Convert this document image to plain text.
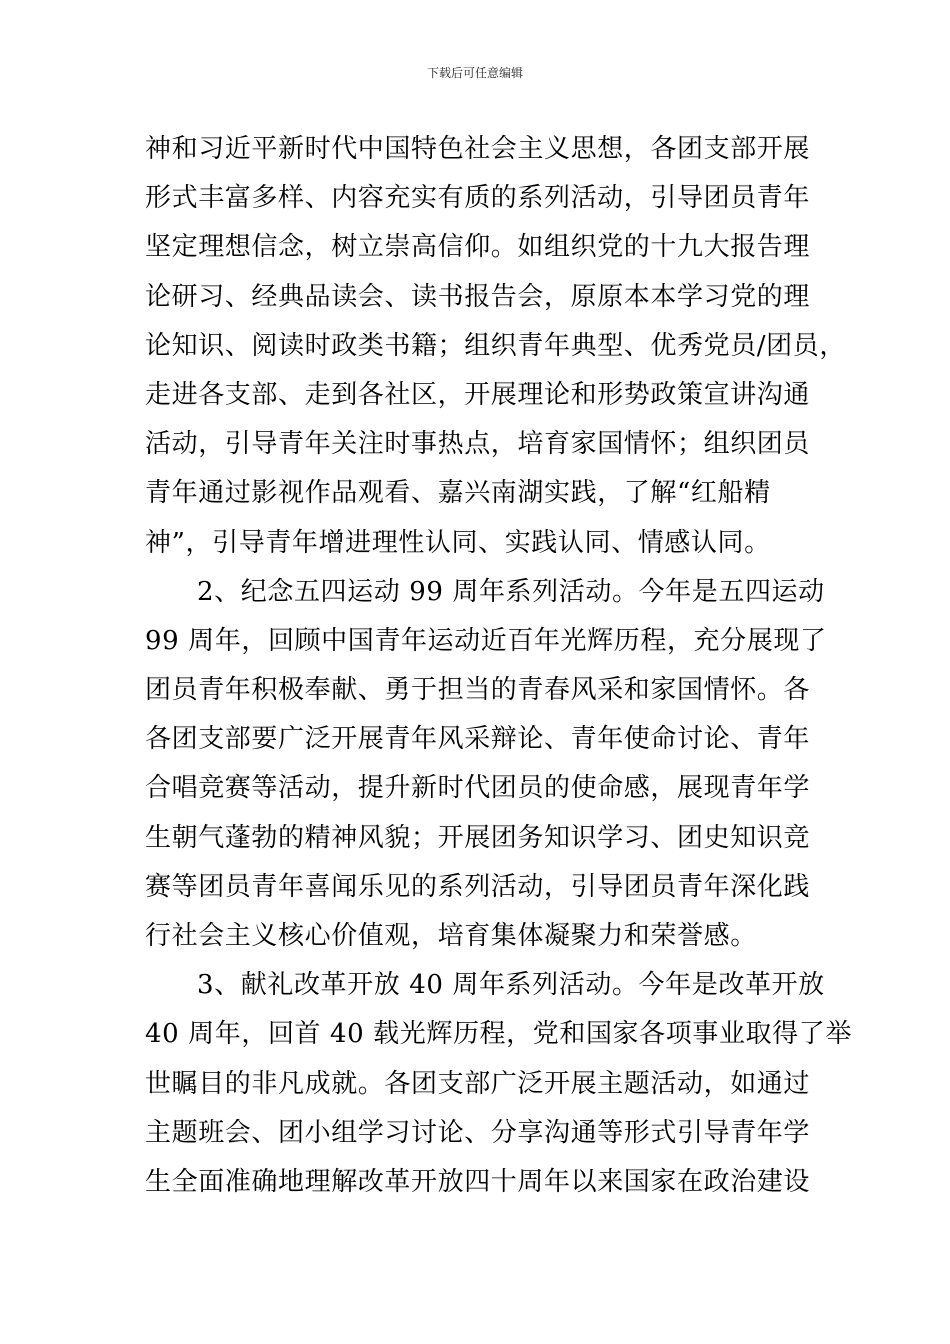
下载后可任意编辑
神和习近平新时代中国特色社会主义思想，各团支部开展
形式丰富多样、内容充实有质的系列活动，引导团员青年
坚定理想信念，树立崇高信仰。如组织党的十九大报告理
论研习、经典品读会、读书报告会，原原本本学习党的理
论知识、阅读时政类书籍；组织青年典型、优秀党员/团员，
走进各支部、走到各社区，开展理论和形势政策宣讲沟通
活动，引导青年关注时事热点，培育家国情怀；组织团员
青年通过影视作品观看、嘉兴南湖实践，了解“红船精
神”，引导青年增进理性认同、实践认同、情感认同。
2、纪念五四运动 99 周年系列活动。今年是五四运动
99 周年，回顾中国青年运动近百年光辉历程，充分展现了
团员青年积极奉献、勇于担当的青春风采和家国情怀。各
各团支部要广泛开展青年风采辩论、青年使命讨论、青年
合唱竞赛等活动，提升新时代团员的使命感，展现青年学
生朝气蓬勃的精神风貌；开展团务知识学习、团史知识竞
赛等团员青年喜闻乐见的系列活动，引导团员青年深化践
行社会主义核心价值观，培育集体凝聚力和荣誉感。
3、献礼改革开放 40 周年系列活动。今年是改革开放
40 周年，回首 40 载光辉历程，党和国家各项事业取得了举
世瞩目的非凡成就。各团支部广泛开展主题活动，如通过
主题班会、团小组学习讨论、分享沟通等形式引导青年学
生全面准确地理解改革开放四十周年以来国家在政治建设
